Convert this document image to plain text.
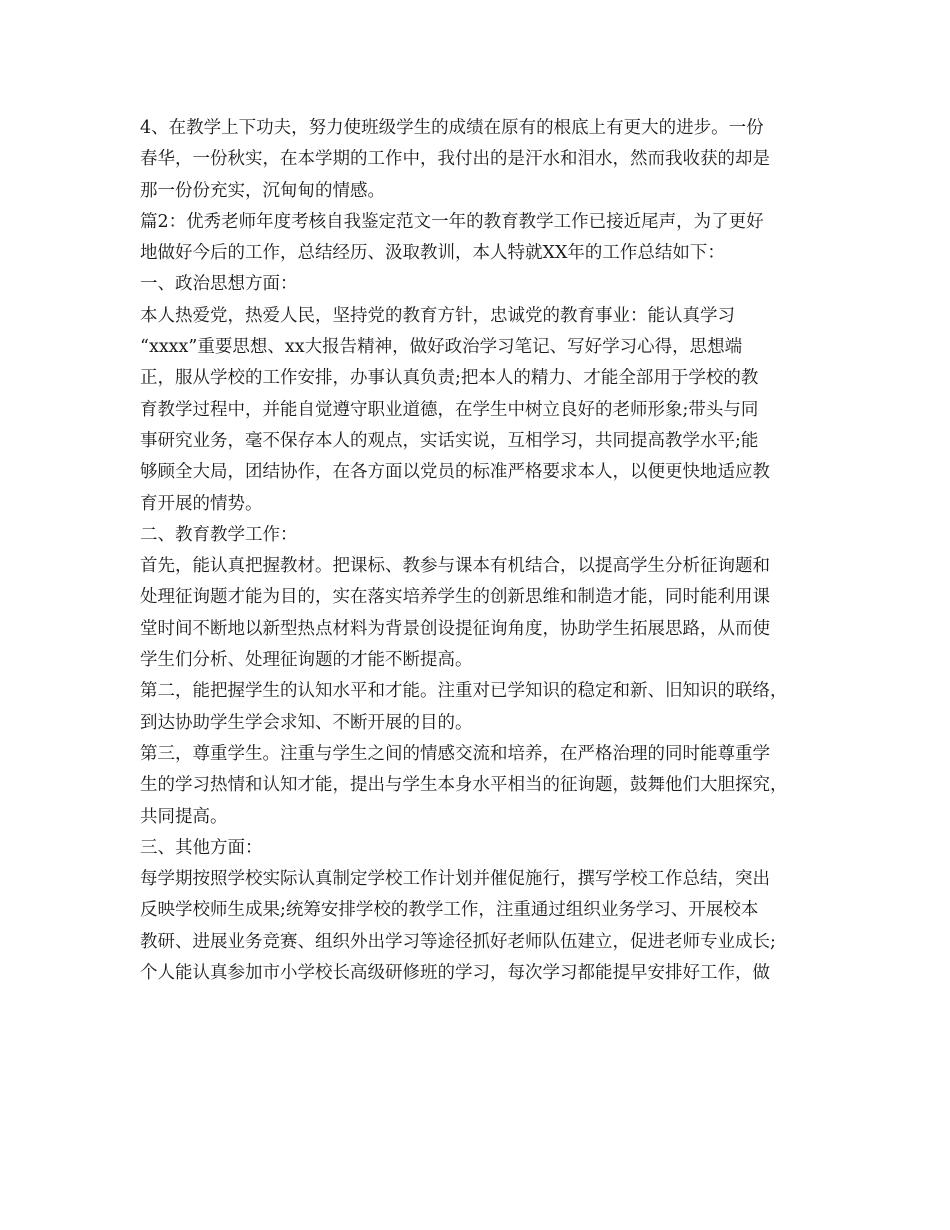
4、在教学上下功夫，努力使班级学生的成绩在原有的根底上有更大的进步。一份
春华，一份秋实，在本学期的工作中，我付出的是汗水和泪水，然而我收获的却是
那一份份充实，沉甸甸的情感。
篇2：优秀老师年度考核自我鉴定范文一年的教育教学工作已接近尾声，为了更好
地做好今后的工作，总结经历、汲取教训，本人特就XX年的工作总结如下：
一、政治思想方面：
本人热爱党，热爱人民，坚持党的教育方针，忠诚党的教育事业：能认真学习
“xxxx”重要思想、xx大报告精神，做好政治学习笔记、写好学习心得，思想端
正，服从学校的工作安排，办事认真负责;把本人的精力、才能全部用于学校的教
育教学过程中，并能自觉遵守职业道德，在学生中树立良好的老师形象;带头与同
事研究业务，毫不保存本人的观点，实话实说，互相学习，共同提高教学水平;能
够顾全大局，团结协作，在各方面以党员的标准严格要求本人，以便更快地适应教
育开展的情势。
二、教育教学工作：
首先，能认真把握教材。把课标、教参与课本有机结合，以提高学生分析征询题和
处理征询题才能为目的，实在落实培养学生的创新思维和制造才能，同时能利用课
堂时间不断地以新型热点材料为背景创设提征询角度，协助学生拓展思路，从而使
学生们分析、处理征询题的才能不断提高。
第二，能把握学生的认知水平和才能。注重对已学知识的稳定和新、旧知识的联络，
到达协助学生学会求知、不断开展的目的。
第三，尊重学生。注重与学生之间的情感交流和培养，在严格治理的同时能尊重学
生的学习热情和认知才能，提出与学生本身水平相当的征询题，鼓舞他们大胆探究，
共同提高。
三、其他方面：
每学期按照学校实际认真制定学校工作计划并催促施行，撰写学校工作总结，突出
反映学校师生成果;统筹安排学校的教学工作，注重通过组织业务学习、开展校本
教研、进展业务竞赛、组织外出学习等途径抓好老师队伍建立，促进老师专业成长;
个人能认真参加市小学校长高级研修班的学习，每次学习都能提早安排好工作，做
